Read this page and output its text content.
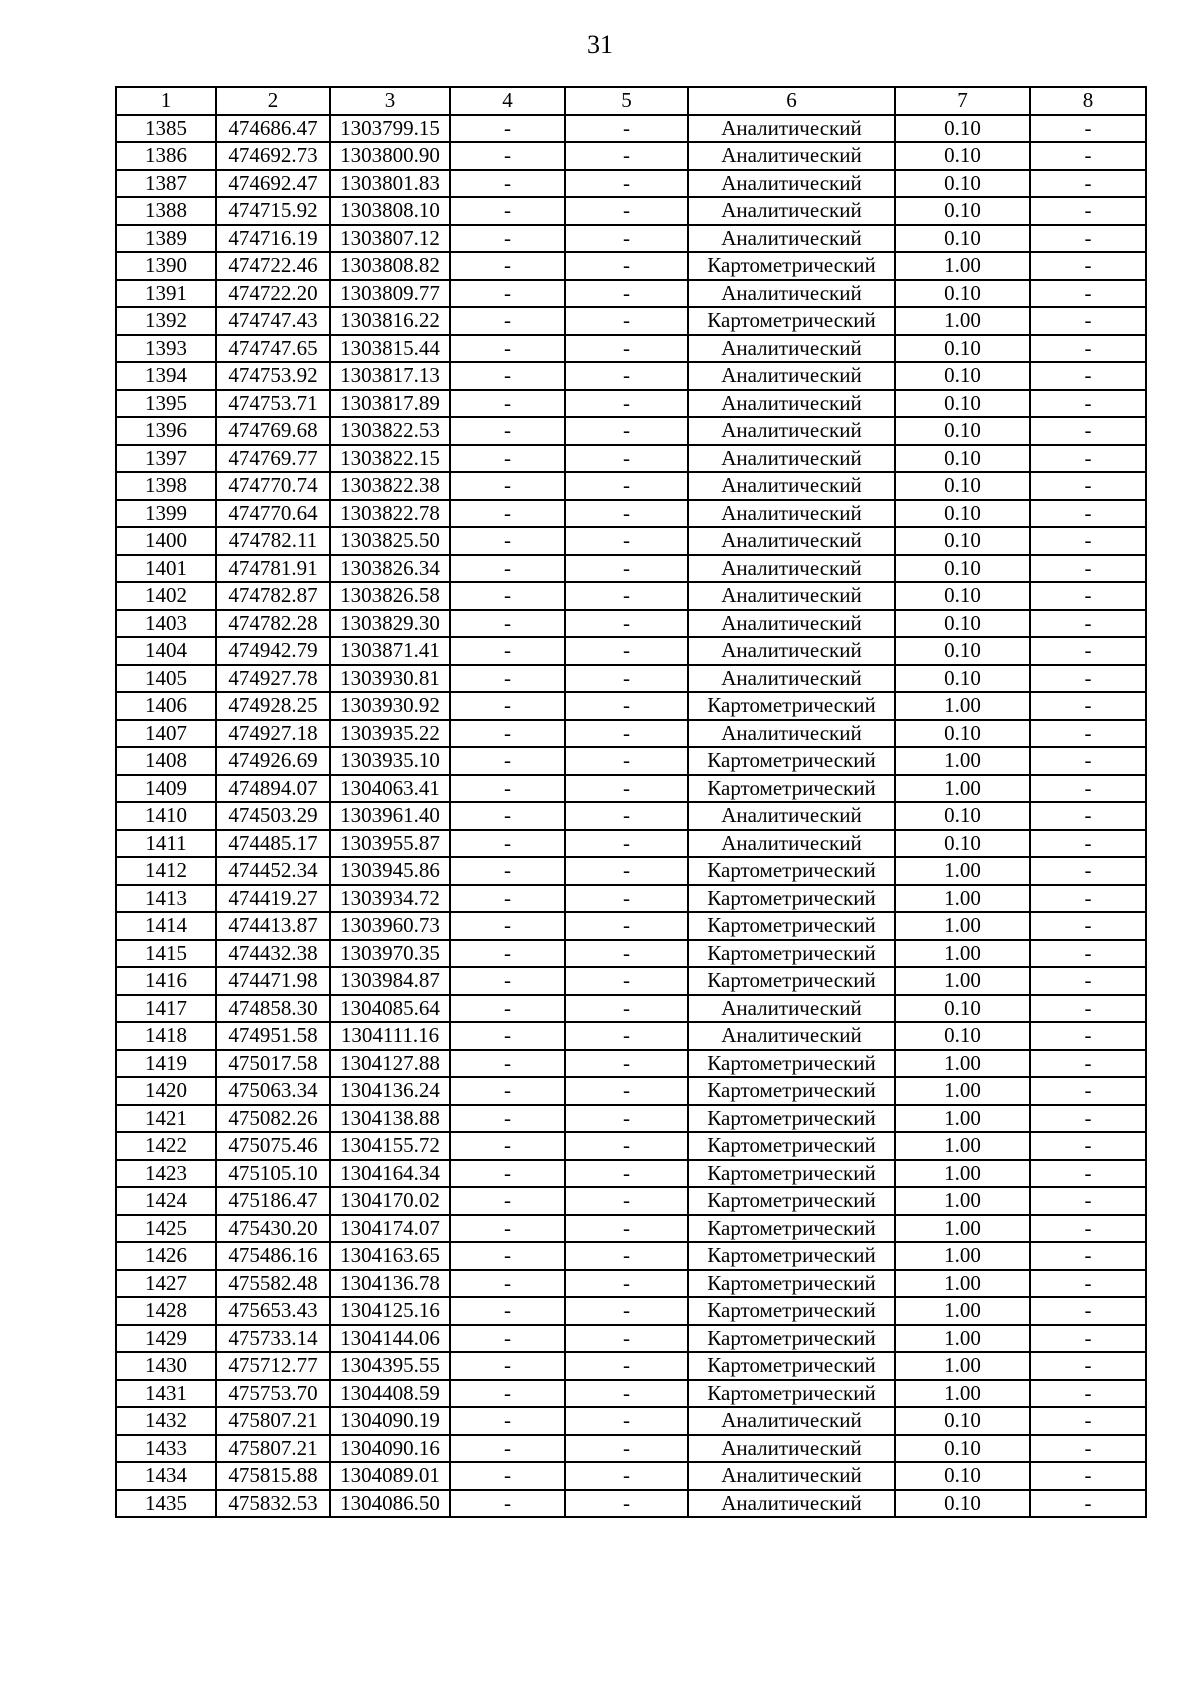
31
1	2	3	4	5	6	7	8
1385	474686.47	1303799.15	-	-	Аналитический	0.10	-
1386	474692.73	1303800.90	-	-	Аналитический	0.10	-
1387	474692.47	1303801.83	-	-	Аналитический	0.10	-
1388	474715.92	1303808.10	-	-	Аналитический	0.10	-
1389	474716.19	1303807.12	-	-	Аналитический	0.10	-
1390	474722.46	1303808.82	-	-	Картометрический	1.00	-
1391	474722.20	1303809.77	-	-	Аналитический	0.10	-
1392	474747.43	1303816.22	-	-	Картометрический	1.00	-
1393	474747.65	1303815.44	-	-	Аналитический	0.10	-
1394	474753.92	1303817.13	-	-	Аналитический	0.10	-
1395	474753.71	1303817.89	-	-	Аналитический	0.10	-
1396	474769.68	1303822.53	-	-	Аналитический	0.10	-
1397	474769.77	1303822.15	-	-	Аналитический	0.10	-
1398	474770.74	1303822.38	-	-	Аналитический	0.10	-
1399	474770.64	1303822.78	-	-	Аналитический	0.10	-
1400	474782.11	1303825.50	-	-	Аналитический	0.10	-
1401	474781.91	1303826.34	-	-	Аналитический	0.10	-
1402	474782.87	1303826.58	-	-	Аналитический	0.10	-
1403	474782.28	1303829.30	-	-	Аналитический	0.10	-
1404	474942.79	1303871.41	-	-	Аналитический	0.10	-
1405	474927.78	1303930.81	-	-	Аналитический	0.10	-
1406	474928.25	1303930.92	-	-	Картометрический	1.00	-
1407	474927.18	1303935.22	-	-	Аналитический	0.10	-
1408	474926.69	1303935.10	-	-	Картометрический	1.00	-
1409	474894.07	1304063.41	-	-	Картометрический	1.00	-
1410	474503.29	1303961.40	-	-	Аналитический	0.10	-
1411	474485.17	1303955.87	-	-	Аналитический	0.10	-
1412	474452.34	1303945.86	-	-	Картометрический	1.00	-
1413	474419.27	1303934.72	-	-	Картометрический	1.00	-
1414	474413.87	1303960.73	-	-	Картометрический	1.00	-
1415	474432.38	1303970.35	-	-	Картометрический	1.00	-
1416	474471.98	1303984.87	-	-	Картометрический	1.00	-
1417	474858.30	1304085.64	-	-	Аналитический	0.10	-
1418	474951.58	1304111.16	-	-	Аналитический	0.10	-
1419	475017.58	1304127.88	-	-	Картометрический	1.00	-
1420	475063.34	1304136.24	-	-	Картометрический	1.00	-
1421	475082.26	1304138.88	-	-	Картометрический	1.00	-
1422	475075.46	1304155.72	-	-	Картометрический	1.00	-
1423	475105.10	1304164.34	-	-	Картометрический	1.00	-
1424	475186.47	1304170.02	-	-	Картометрический	1.00	-
1425	475430.20	1304174.07	-	-	Картометрический	1.00	-
1426	475486.16	1304163.65	-	-	Картометрический	1.00	-
1427	475582.48	1304136.78	-	-	Картометрический	1.00	-
1428	475653.43	1304125.16	-	-	Картометрический	1.00	-
1429	475733.14	1304144.06	-	-	Картометрический	1.00	-
1430	475712.77	1304395.55	-	-	Картометрический	1.00	-
1431	475753.70	1304408.59	-	-	Картометрический	1.00	-
1432	475807.21	1304090.19	-	-	Аналитический	0.10	-
1433	475807.21	1304090.16	-	-	Аналитический	0.10	-
1434	475815.88	1304089.01	-	-	Аналитический	0.10	-
1435	475832.53	1304086.50	-	-	Аналитический	0.10	-
